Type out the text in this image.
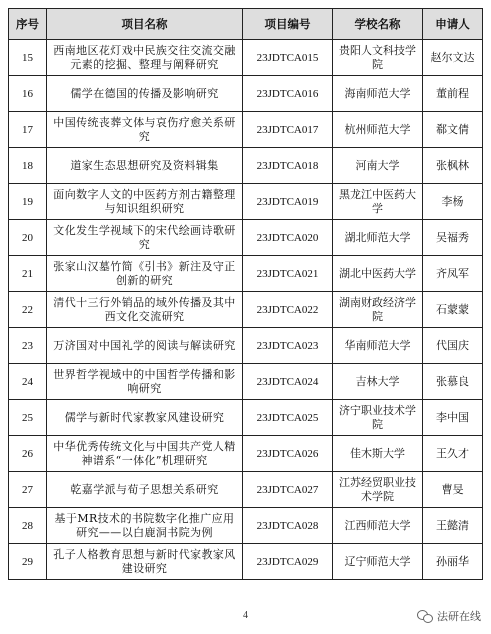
序号	项目名称	项目编号	学校名称	申请人
15	西南地区花灯戏中民族交往交流交融元素的挖掘、整理与阐释研究	23JDTCA015	贵阳人文科技学院	赵尔文达
16	儒学在德国的传播及影响研究	23JDTCA016	海南师范大学	董前程
17	中国传统丧葬文体与哀伤疗愈关系研究	23JDTCA017	杭州师范大学	郗文倩
18	道家生态思想研究及资料辑集	23JDTCA018	河南大学	张枫林
19	面向数字人文的中医药方剂古籍整理与知识组织研究	23JDTCA019	黑龙江中医药大学	李杨
20	文化发生学视域下的宋代绘画诗歌研究	23JDTCA020	湖北师范大学	吴福秀
21	张家山汉墓竹简《引书》新注及守正创新的研究	23JDTCA021	湖北中医药大学	齐凤军
22	清代十三行外销品的域外传播及其中西文化交流研究	23JDTCA022	湖南财政经济学院	石蒙蒙
23	万济国对中国礼学的阅读与解读研究	23JDTCA023	华南师范大学	代国庆
24	世界哲学视域中的中国哲学传播和影响研究	23JDTCA024	吉林大学	张慕良
25	儒学与新时代家教家风建设研究	23JDTCA025	济宁职业技术学院	李中国
26	中华优秀传统文化与中国共产党人精神谱系“一体化”机理研究	23JDTCA026	佳木斯大学	王久才
27	乾嘉学派与荀子思想关系研究	23JDTCA027	江苏经贸职业技术学院	曹旻
28	基于MR技术的书院数字化推广应用研究——以白鹿洞书院为例	23JDTCA028	江西师范大学	王懿清
29	孔子人格教育思想与新时代家教家风建设研究	23JDTCA029	辽宁师范大学	孙丽华
4	法研在线
